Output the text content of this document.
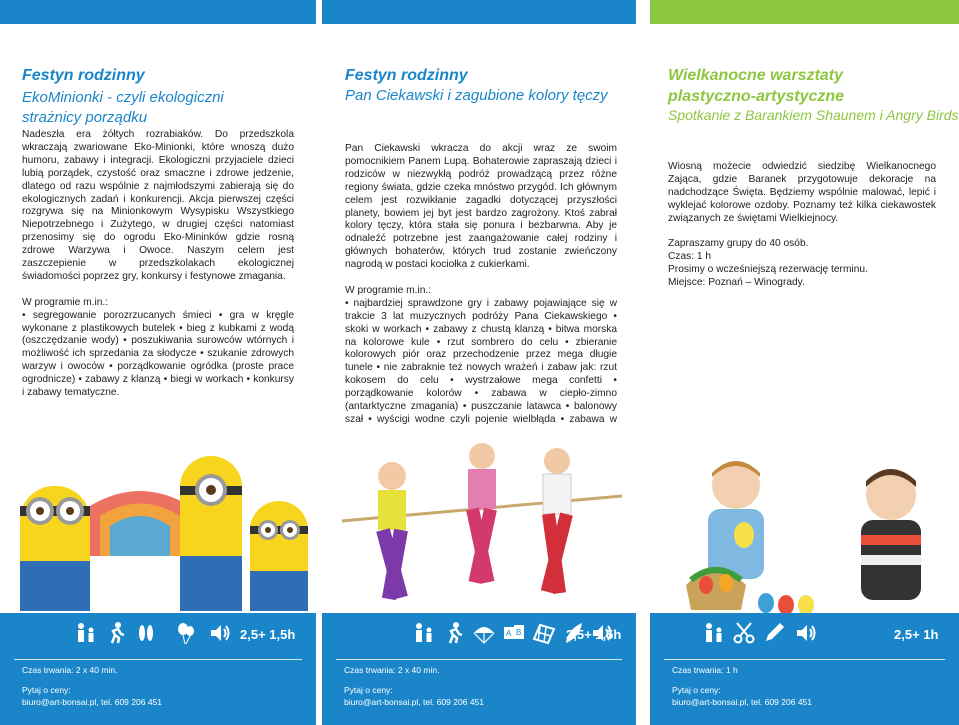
Festyn rodzinny
EkoMinionki - czyli ekologiczni
strażnicy porządku

Nadeszła era żółtych rozrabiaków. Do przedszkola wkraczają zwariowane Eko-Minionki, które wnoszą dużo humoru, zabawy i integracji. Ekologiczni przyjaciele dzieci lubią porządek, czystość oraz smaczne i zdrowe jedzenie, dlatego od razu wspólnie z najmłodszymi zabierają się do ekologicznych zadań i konkurencji. Akcja pierwszej części rozgrywa się na Minionkowym Wysypisku Wszystkiego Niepotrzebnego i Zużytego, w drugiej części natomiast przenosimy się do ogrodu Eko-Mininków gdzie rosną zdrowe Warzywa i Owoce. Naszym celem jest zaszczepienie w przedszkolakach ekologicznej świadomości poprzez gry, konkursy i festynowe zmagania.

W programie m.in.:
• segregowanie porozrzucanych śmieci • gra w kręgle wykonane z plastikowych butelek • bieg z kubkami z wodą (oszczędzanie wody) • poszukiwania surowców wtórnych i możliwość ich sprzedania za słodycze • szukanie zdrowych warzyw i owoców • porządkowanie ogródka (proste prace ogrodnicze) • zabawy z klanzą • biegi w workach • konkursy i zabawy tematyczne.
2,5+ 1,5h
Czas trwania: 2 x 40 min.
Pytaj o ceny:
biuro@art-bonsai.pl, tel. 609 206 451
Festyn rodzinny
Pan Ciekawski i zagubione kolory tęczy

Pan Ciekawski wkracza do akcji wraz ze swoim pomocnikiem Panem Lupą. Bohaterowie zapraszają dzieci i rodziców w niezwykłą podróż prowadzącą przez różne regiony świata, gdzie czeka mnóstwo przygód. Ich głównym celem jest rozwikłanie zagadki dotyczącej przyszłości planety, bowiem jej byt jest bardzo zagrożony. Ktoś zabrał kolory tęczy, która stała się ponura i bezbarwna. Aby je odnaleźć potrzebne jest zaangażowanie całej rodziny i głównych bohaterów, których trud zostanie zwieńczony nagrodą w postaci kociołka z cukierkami.

W programie m.in.:
• najbardziej sprawdzone gry i zabawy pojawiające się w trakcie 3 lat muzycznych podróży Pana Ciekawskiego • skoki w workach • zabawy z chustą klanzą • bitwa morska na kolorowe kule • rzut sombrero do celu • zbieranie kolorowych piór oraz przechodzenie przez mega długie tunele • nie zabraknie też nowych wrażeń i zabaw jak: rzut kokosem do celu • wystrzałowe mega confetti • porządkowanie kolorów • zabawa w ciepło-zimno (antarktyczne zmagania) • puszczanie latawca • balonowy szał • wyścigi wodne czyli pojenie wielbłąda • zabawa w
A B	2,5+ 1,5h
Czas trwania: 2 x 40 min.
Pytaj o ceny:
biuro@art-bonsai.pl, tel. 609 206 451
Wielkanocne warsztaty
plastyczno-artystyczne
Spotkanie z Barankiem Shaunem i Angry Birds

Wiosną możecie odwiedzić siedzibę Wielkanocnego Zająca, gdzie Baranek przygotowuje dekoracje na nadchodzące Święta. Będziemy wspólnie malować, lepić i wyklejać kolorowe ozdoby. Poznamy też kilka ciekawostek związanych ze świętami Wielkiejnocy.

Zapraszamy grupy do 40 osób.
Czas: 1 h
Prosimy o wcześniejszą rezerwację terminu.
Miejsce: Poznań – Winogrady.
2,5+ 1h
Czas trwania: 1 h
Pytaj o ceny:
biuro@art-bonsai.pl, tel. 609 206 451
